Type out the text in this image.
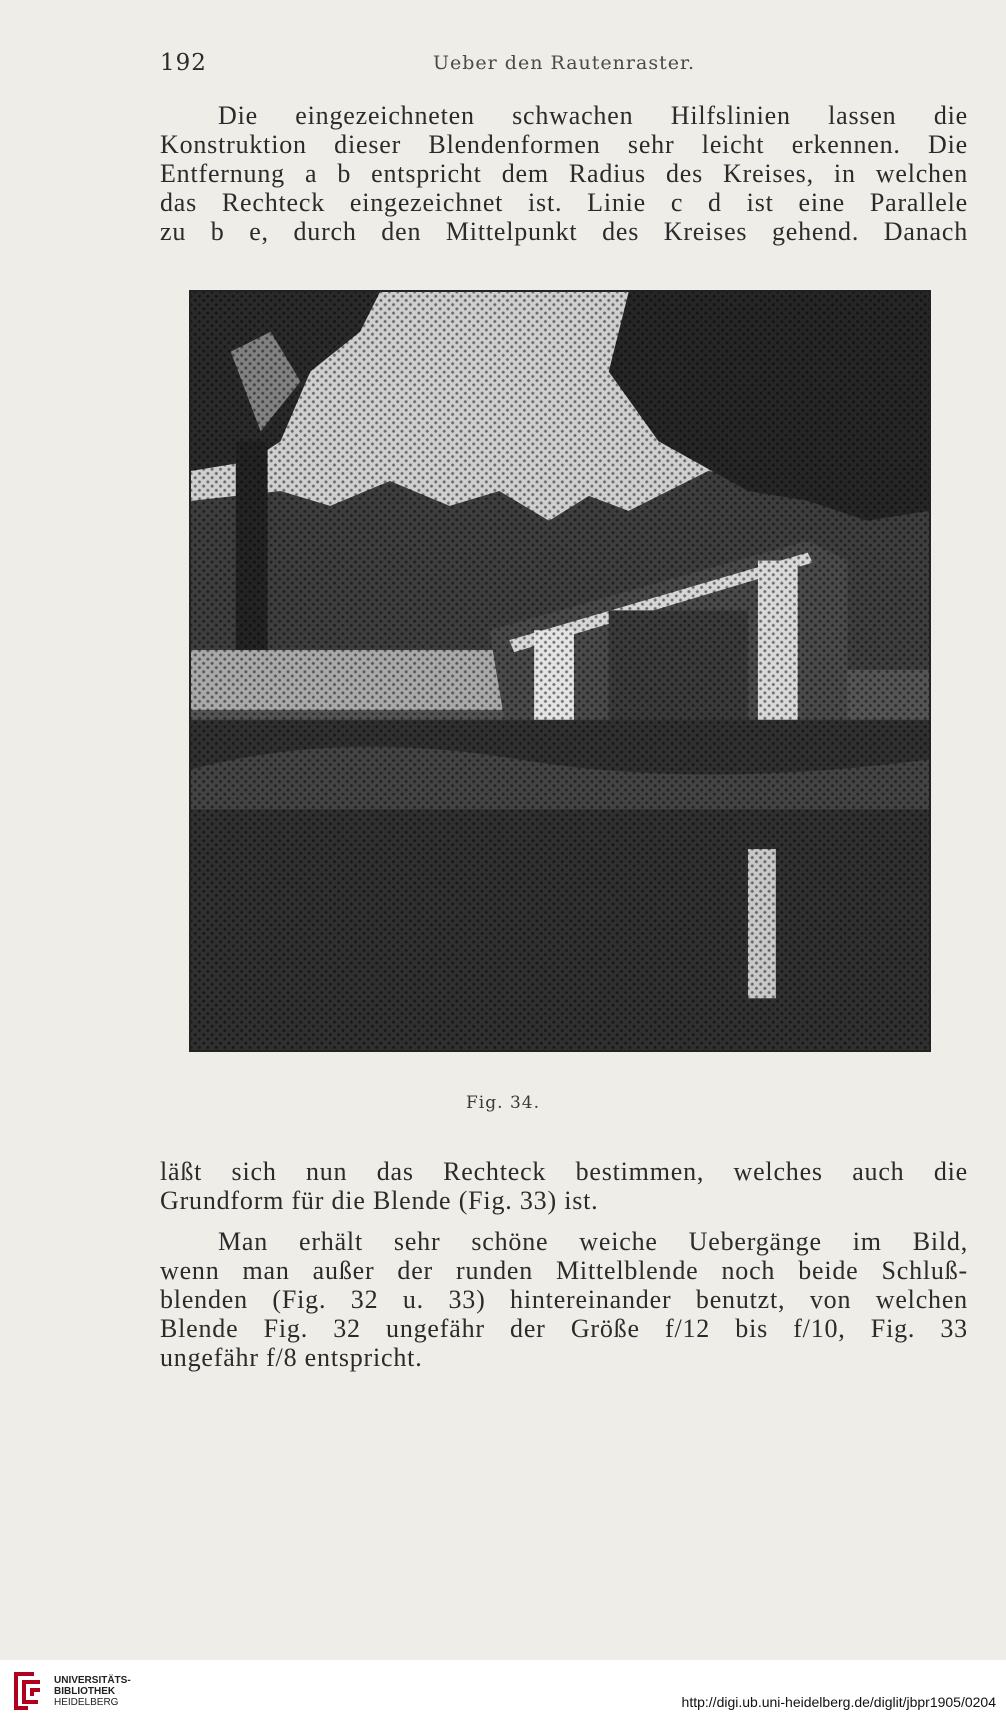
192	Ueber den Rautenraster.
Die eingezeichneten schwachen Hilfslinien lassen die
Konstruktion dieser Blendenformen sehr leicht erkennen. Die
Entfernung a b entspricht dem Radius des Kreises, in welchen
das Rechteck eingezeichnet ist. Linie c d ist eine Parallele
zu b e, durch den Mittelpunkt des Kreises gehend. Danach
Fig. 34.
läßt sich nun das Rechteck bestimmen, welches auch die
Grundform für die Blende (Fig. 33) ist.
Man erhält sehr schöne weiche Uebergänge im Bild,
wenn man außer der runden Mittelblende noch beide Schluß-
blenden (Fig. 32 u. 33) hintereinander benutzt, von welchen
Blende Fig. 32 ungefähr der Größe f/12 bis f/10, Fig. 33
ungefähr f/8 entspricht.
UNIVERSITÄTS-
BIBLIOTHEK
HEIDELBERG	http://digi.ub.uni-heidelberg.de/diglit/jbpr1905/0204
